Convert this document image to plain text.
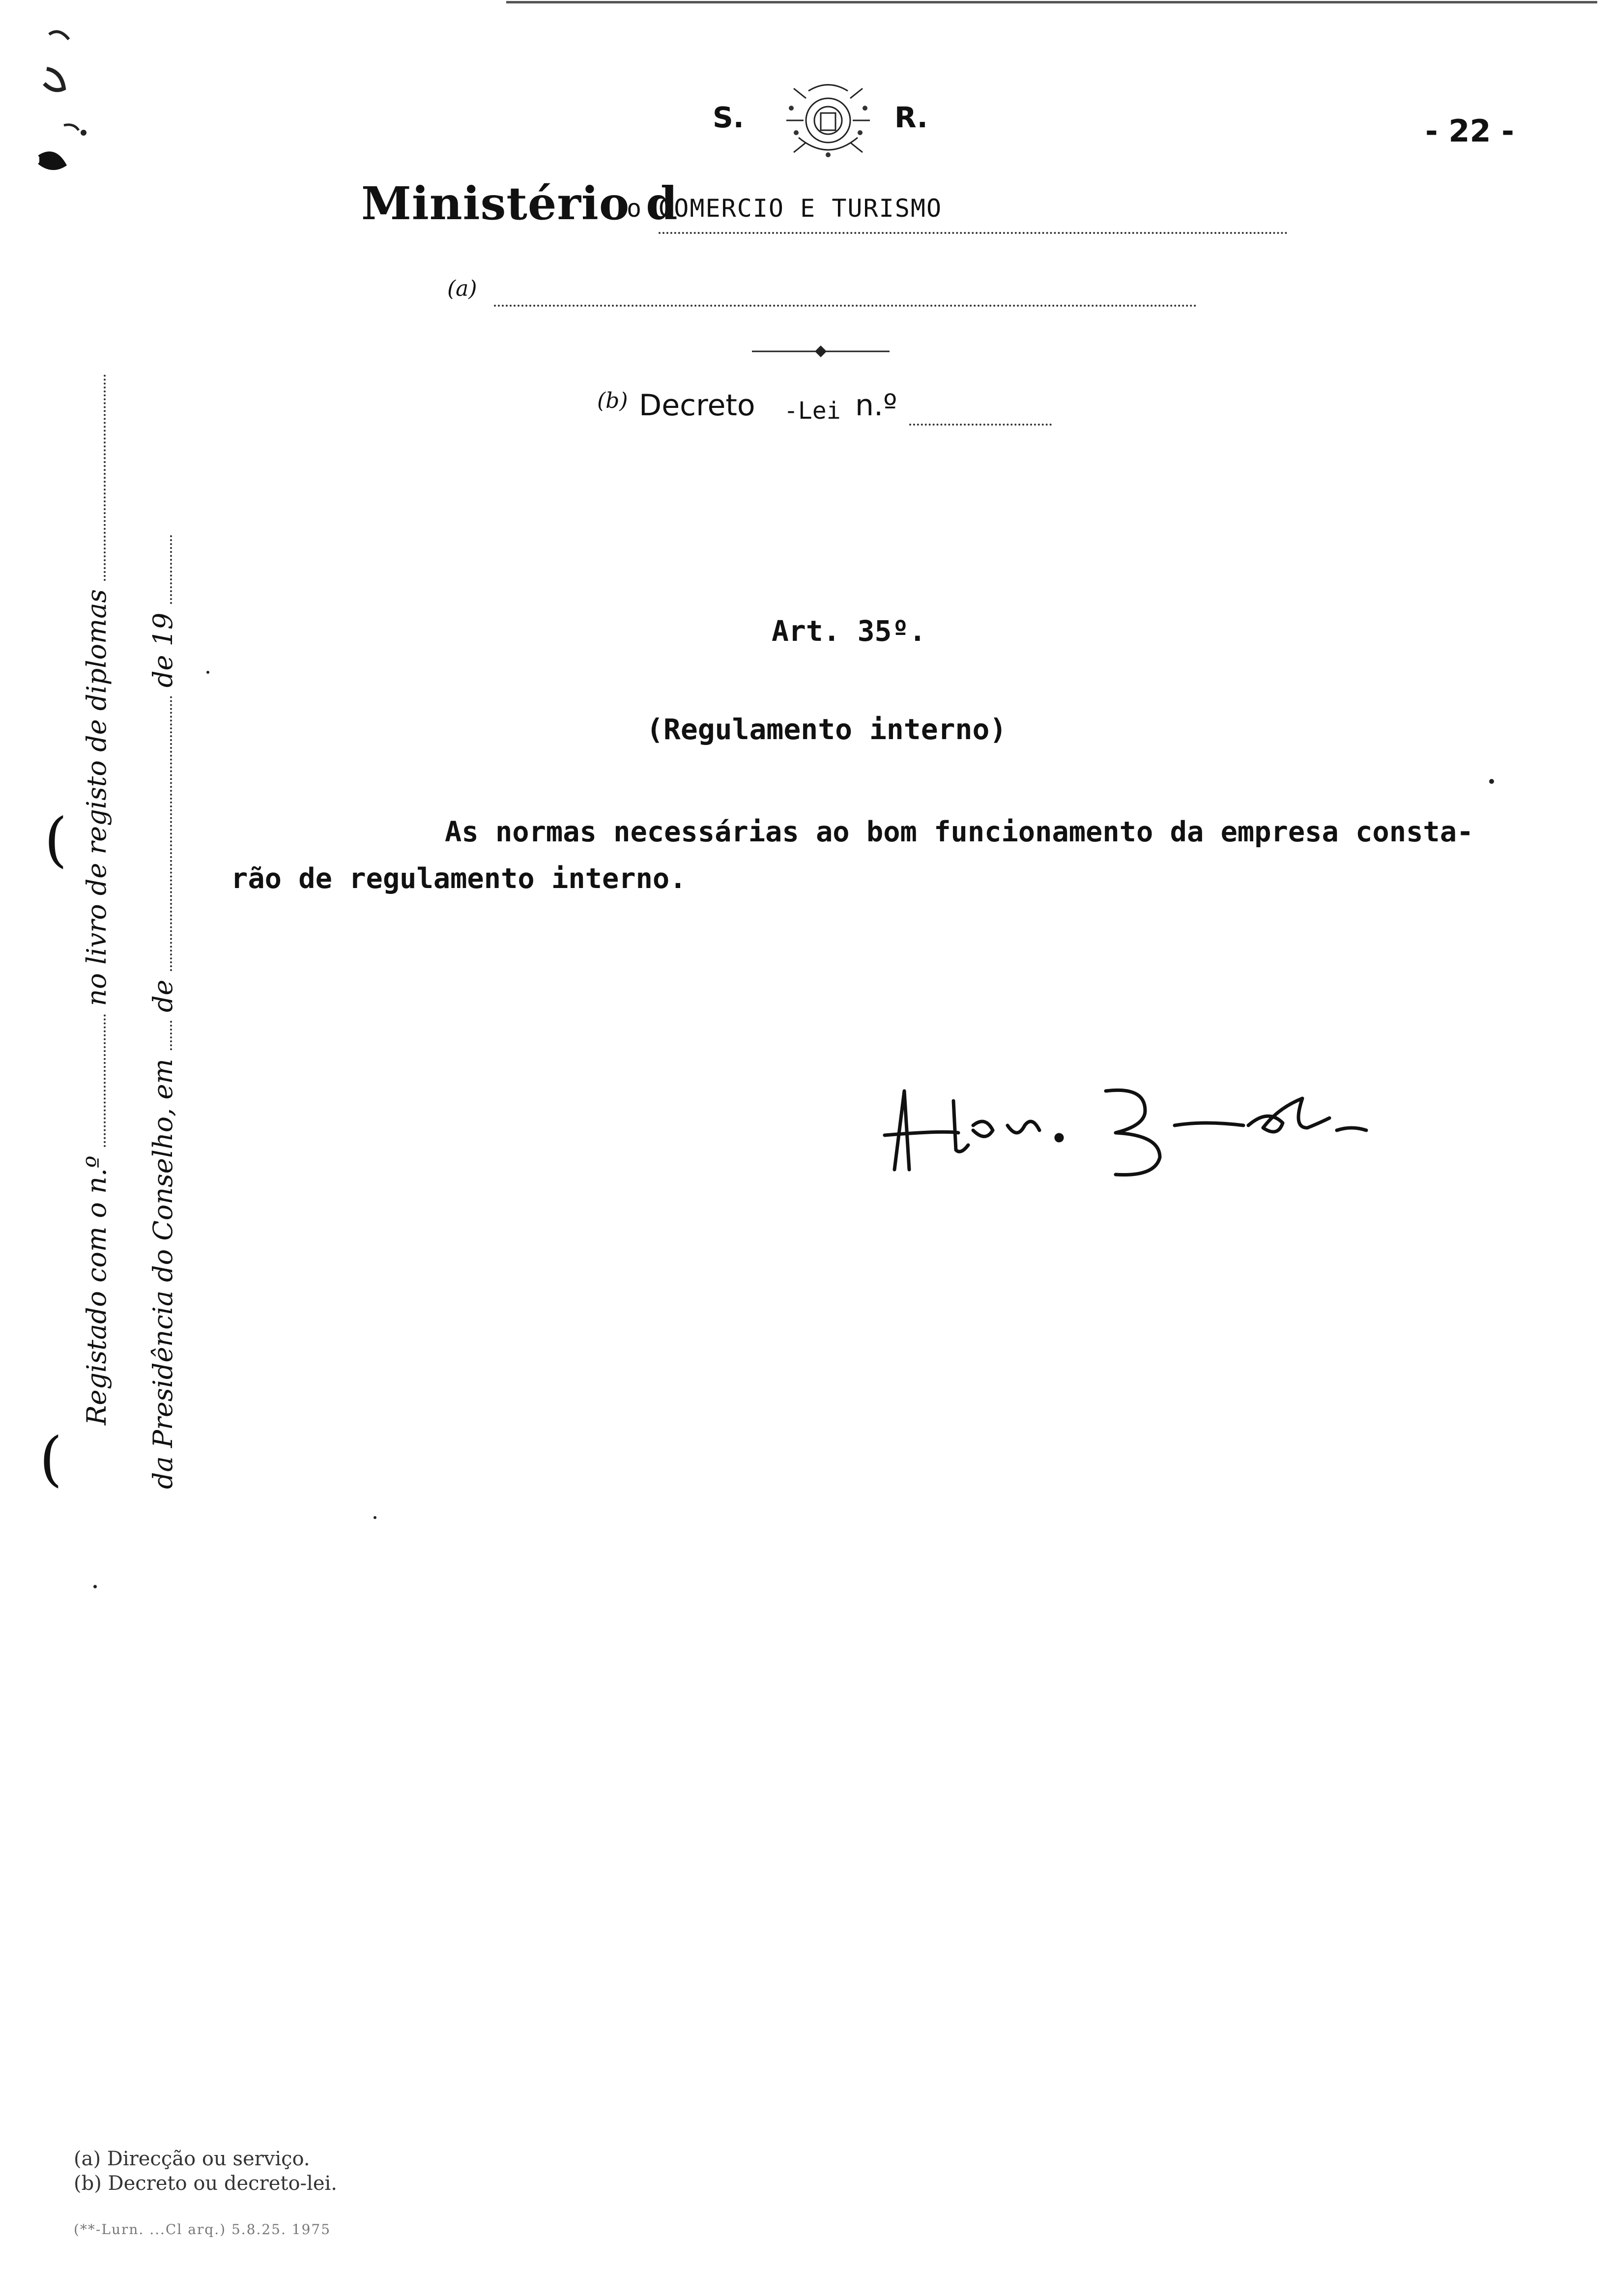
S.	R.	- 22 -
Ministério d
o COMERCIO E TURISMO
(a)
(b) Decreto -Lei n.º
Art. 35º.
(Regulamento interno)
As normas necessárias ao bom funcionamento da empresa consta-
rão de regulamento interno.
(
(
Registado com o n.º  no livro de registo de diplomas
da Presidência do Conselho, em  de  de 19
(a) Direcção ou serviço.
(b) Decreto ou decreto-lei.
(**-Lurn. ...Cl arq.) 5.8.25. 1975
